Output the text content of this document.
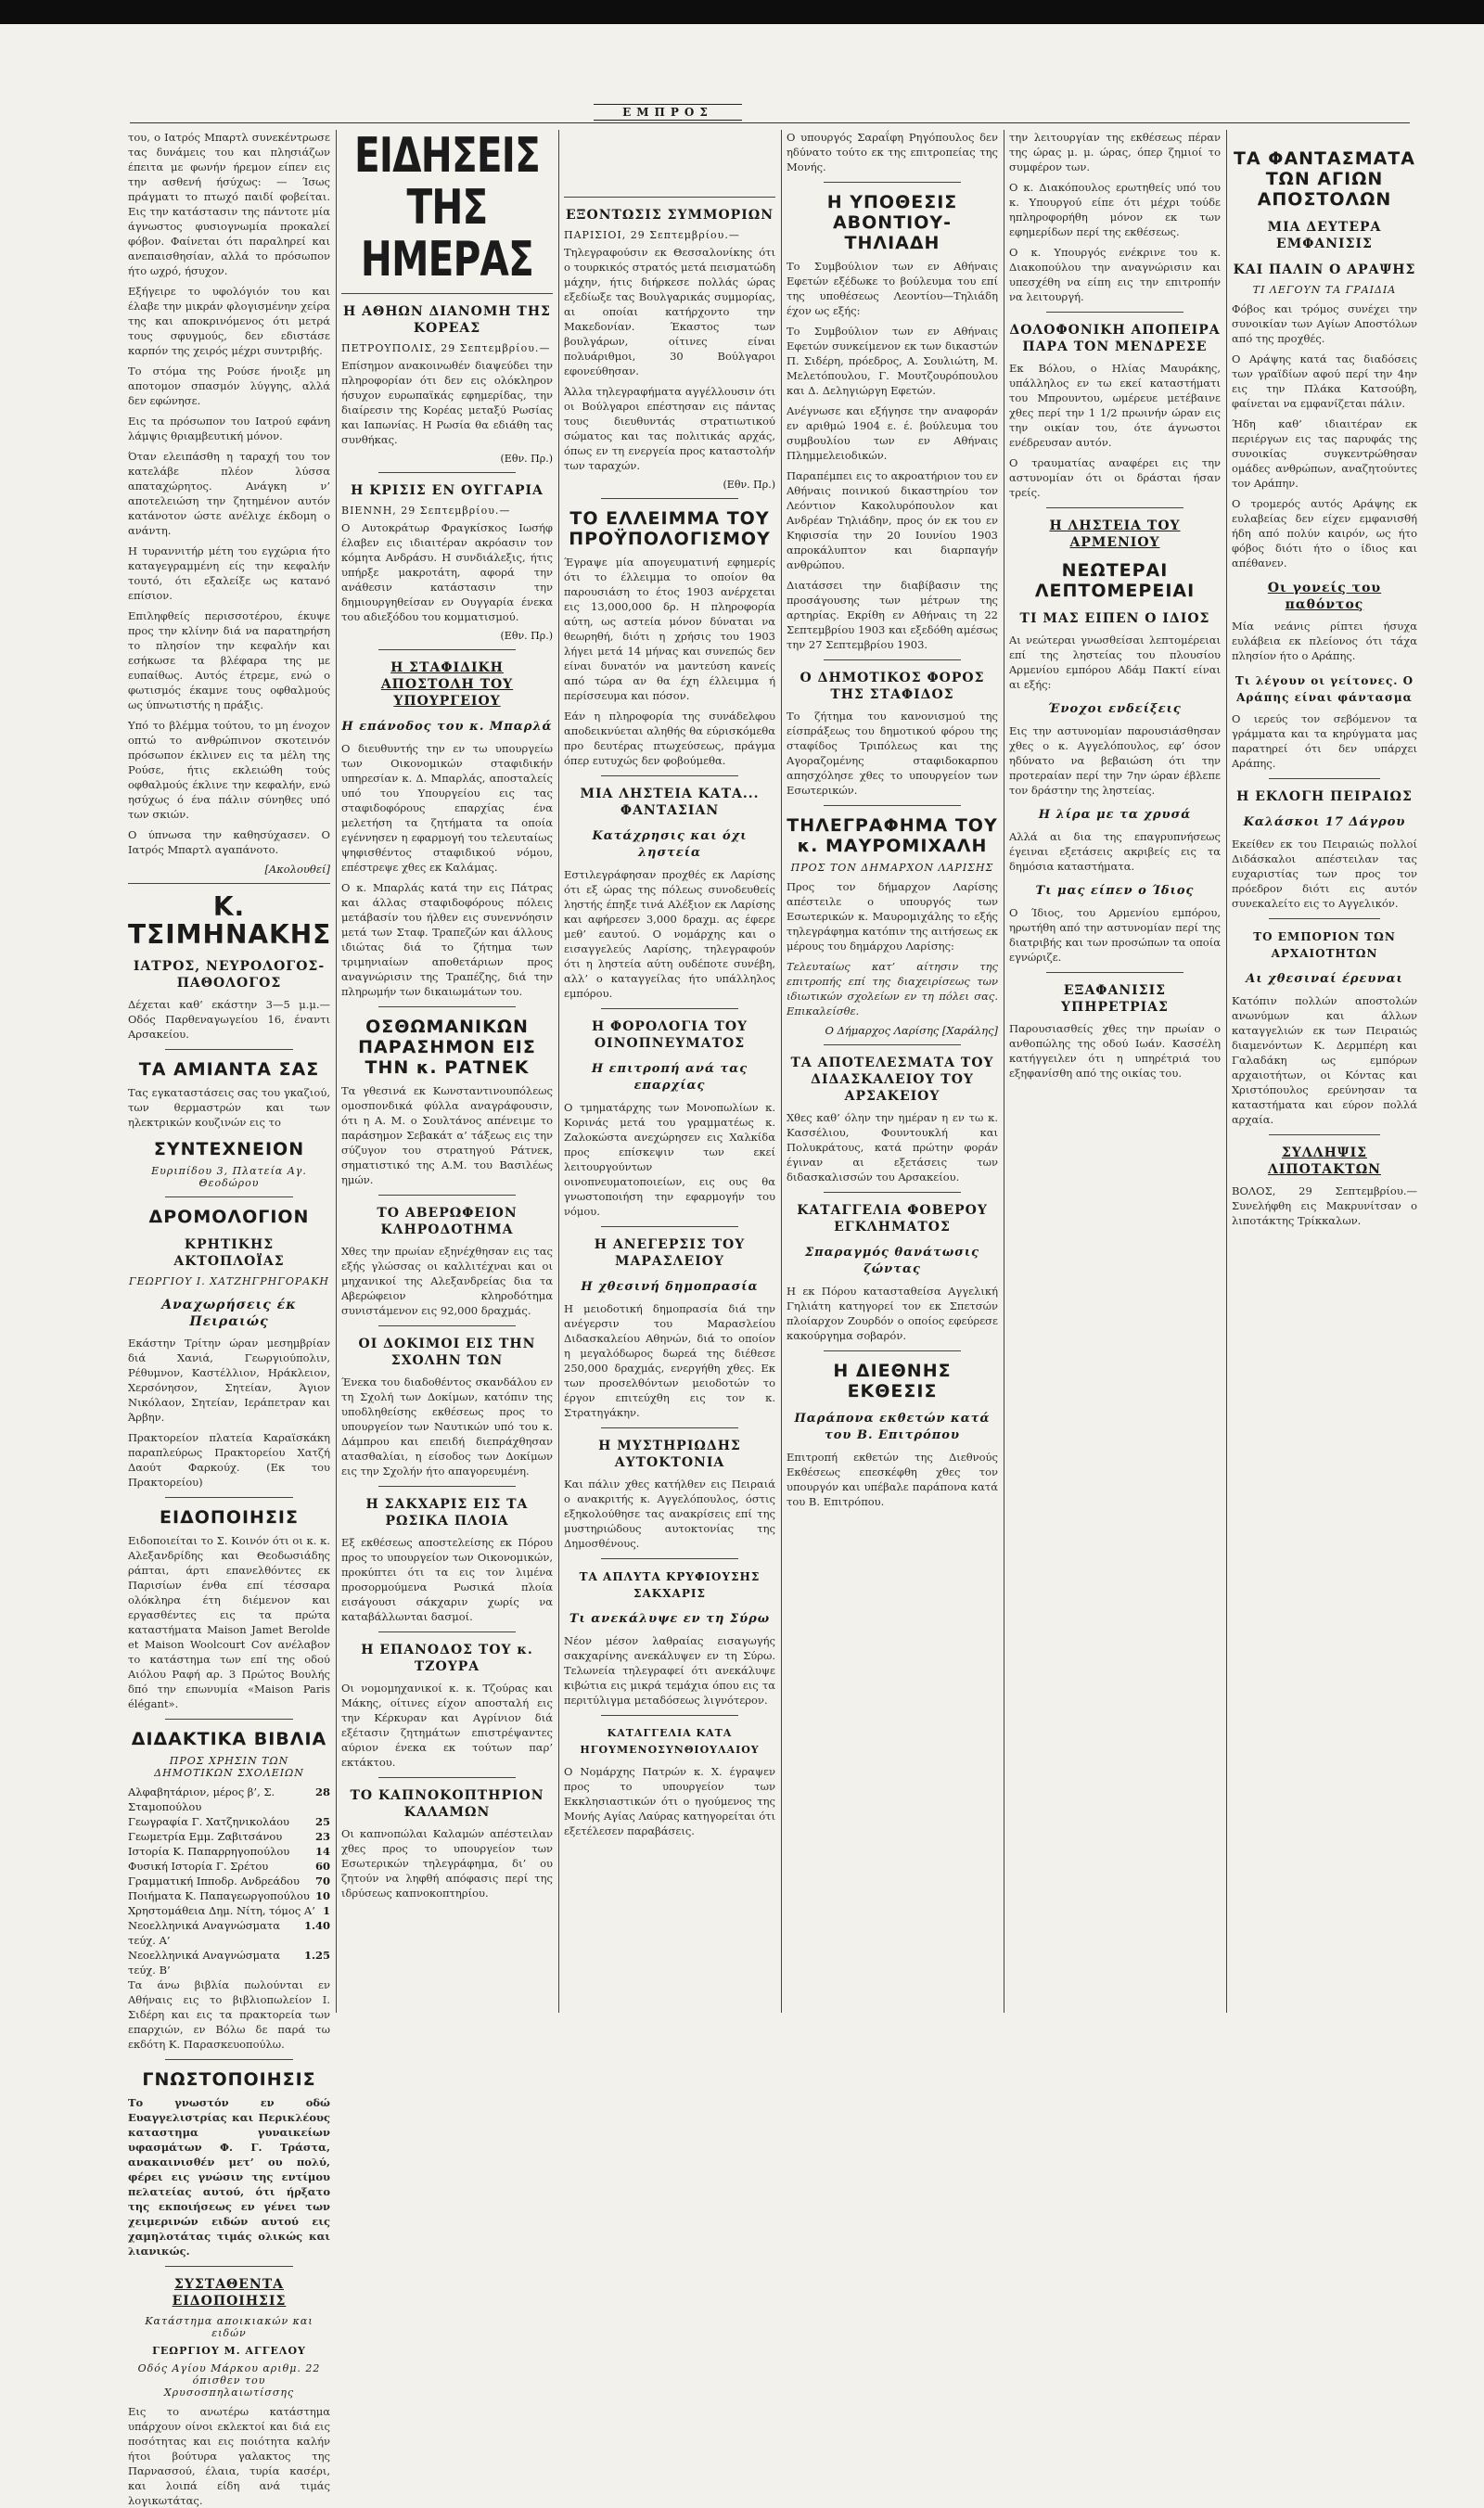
ΕΜΠΡΟΣ

του, ο Ιατρός Μπαρτλ συνεκέντρωσε τας δυνάμεις του και πλησιάζων έπειτα με φωνήν ήρεμον είπεν εις την ασθενή ήσύχως: — Ίσως πράγματι το πτωχό παιδί φοβείται. Εις την κατάστασιν της πάντοτε μία άγνωστος φυσιογνωμία προκαλεί φόβον. Φαίνεται ότι παραληρεί και ανεπαισθησίαν, αλλά το πρόσωπον ήτο ωχρό, ήσυχον.

Εξήγειρε το υφολόγιόν του και έλαβε την μικράν φλογισμένην χείρα της και αποκρινόμενος ότι μετρά τους σφυγμούς, δεν εδιστάσε καρπόν της χειρός μέχρι συντριβής.

Το στόμα της Ρούσε ήνοιξε μη αποτομον σπασμόν λύγγης, αλλά δεν εφώνησε.

Εις τα πρόσωπον του Ιατρού εφάνη λάμψις θριαμβευτική μόνον.

Όταν ελειπάσθη η ταραχή του τον κατελάβε πλέον λύσσα απαταχώρητος. Ανάγκη ν’ αποτελειώση την ζητημένον αυτόν κατάνοτον ώστε ανέλιχε έκδομη ο ανάντη.

Η τυραννιτήρ μέτη του εγχώρια ήτο καταγεγραμμένη είς την κεφαλήν τουτό, ότι εξαλείξε ως κατανό επίσιον.

Επιληφθείς περισσοτέρου, έκυψε προς την κλίνην διά να παρατηρήση το πλησίον την κεφαλήν και εσήκωσε τα βλέφαρα της με ευπαίθως. Αυτός έτρεμε, ενώ ο φωτισμός έκαμνε τους οφθαλμούς ως ύπνωτιστής η πράξις.

Υπό το βλέμμα τούτου, το μη ένοχον οπτώ το ανθρώπινον σκοτεινόν πρόσωπον έκλινεν εις τα μέλη της Ρούσε, ήτις εκλειώθη τούς οφθαλμούς έκλινε την κεφαλήν, ενώ ησύχως ό ένα πάλιν σύνηθες υπό των σκιών.

Ο ύπνωσα την καθησύχασεν. Ο Ιατρός Μπαρτλ αγαπάνοτο.

[Ακολουθεί]

Κ. ΤΣΙΜΗΝΑΚΗΣ
ΙΑΤΡΟΣ, ΝΕΥΡΟΛΟΓΟΣ-ΠΑΘΟΛΟΓΟΣ

Δέχεται καθ’ εκάστην 3—5 μ.μ.—Οδός Παρθεναγωγείου 16, έναντι Αρσακείου.

ΤΑ ΑΜΙΑΝΤΑ ΣΑΣ

Τας εγκαταστάσεις σας του γκαζιού, των θερμαστρών και των ηλεκτρικών κουζινών εις το

ΣΥΝΤΕΧΝΕΙΟΝ
Ευριπίδου 3, Πλατεία Αγ. Θεοδώρου
ΔΡΟΜΟΛΟΓΙΟΝ
ΚΡΗΤΙΚΗΣ ΑΚΤΟΠΛΟΪΑΣ
ΓΕΩΡΓΙΟΥ Ι. ΧΑΤΖΗΓΡΗΓΟΡΑΚΗ
Αναχωρήσεις έκ Πειραιώς

Εκάστην Τρίτην ώραν μεσημβρίαν διά Χανιά, Γεωργιούπολιν, Ρέθυμνον, Καστέλλιον, Ηράκλειον, Χερσόνησον, Σητείαν, Άγιον Νικόλαον, Σητείαν, Ιεράπετραν και Άρβην.

Πρακτορείον πλατεία Καραϊσκάκη παραπλεύρως Πρακτορείου Χατζή Δαούτ Φαρκούχ. (Εκ του Πρακτορείου)

ΕΙΔΟΠΟΙΗΣΙΣ

Ειδοποιείται το Σ. Κοινόν ότι οι κ. κ. Αλεξανδρίδης και Θεοδωσιάδης ράπται, άρτι επανελθόντες εκ Παρισίων ένθα επί τέσσαρα ολόκληρα έτη διέμενον και εργασθέντες εις τα πρώτα καταστήματα Maison Jamet Berolde et Maison Woolcourt Cov ανέλαβον το κατάστημα των επί της οδού Αιόλου Ραφή αρ. 3 Πρώτος Βουλής δπό την επωνυμία «Maison Paris élégant».

ΔΙΔΑΚΤΙΚΑ ΒΙΒΛΙΑ
ΠΡΟΣ ΧΡΗΣΙΝ ΤΩΝ ΔΗΜΟΤΙΚΩΝ ΣΧΟΛΕΙΩΝ
Αλφαβητάριον, μέρος β’, Σ. Σταμοπούλου
28
Γεωγραφία Γ. Χατζηνικολάου 25
Γεωμετρία Εμμ. Ζαβιτσάνου	23
Ιστορία Κ. Παπαρρηγοπούλου 14
Φυσική Ιστορία Γ. Σρέτου	60
Γραμματική Ιπποδρ. Ανδρεάδου 70
Ποιήματα Κ. Παπαγεωργοπούλου 10
Χρηστομάθεια Δημ. Νίτη, τόμος Α’ 1
Νεοελληνικά Αναγνώσματα τεύχ. Α’
1.40
Νεοελληνικά Αναγνώσματα τεύχ. Β’
1.25

Τα άνω βιβλία πωλούνται εν Αθήναις εις το βιβλιοπωλείον Ι. Σιδέρη και εις τα πρακτορεία των επαρχιών, εν Βόλω δε παρά τω εκδότη Κ. Παρασκευοπούλω.

ΓΝΩΣΤΟΠΟΙΗΣΙΣ

Το γνωστόν εν οδώ Ευαγγελιστρίας και Περικλέους καταστημα γυναικείων υφασμάτων Φ. Γ. Τράστα, ανακαινισθέν μετ’ ου πολύ, φέρει εις γνώσιν της εντίμου πελατείας αυτού, ότι ήρξατο της εκποιήσεως εν γένει των χειμερινών ειδών αυτού εις χαμηλοτάτας τιμάς ολικώς και λιανικώς.

ΣΥΣΤΑΘΕΝΤΑ ΕΙΔΟΠΟΙΗΣΙΣ
Κατάστημα αποικιακών και ειδών
ΓΕΩΡΓΙΟΥ Μ. ΑΓΓΕΛΟΥ
Οδός Αγίου Μάρκου αριθμ. 22 όπισθεν του Χρυσοσπηλαιωτίσσης

Εις το ανωτέρω κατάστημα υπάρχουν οίνοι εκλεκτοί και διά εις ποσότητας και εις ποιότητα καλήν ήτοι βούτυρα γαλακτος της Παρνασσού, έλαια, τυρία κασέρι, και λοιπά είδη ανά τιμάς λογικωτάτας.

ΕΙΔΗΣΕΙΣ ΤΗΣ ΗΜΕΡΑΣ
Η ΑΘΗΩΝ ΔΙΑΝΟΜΗ ΤΗΣ ΚΟΡΕΑΣ

ΠΕΤΡΟΥΠΟΛΙΣ, 29 Σεπτεμβρίου.—

Επίσημον ανακοινωθέν διαψεύδει την πληροφορίαν ότι δεν εις ολόκληρον ήσυχον ευρωπαϊκάς εφημερίδας, την διαίρεσιν της Κορέας μεταξύ Ρωσίας και Ιαπωνίας. Η Ρωσία θα εδιάθη τας συνθήκας.

(Εθν. Πρ.)

Η ΚΡΙΣΙΣ ΕΝ ΟΥΓΓΑΡΙΑ

ΒΙΕΝΝΗ, 29 Σεπτεμβρίου.—

Ο Αυτοκράτωρ Φραγκίσκος Ιωσήφ έλαβεν εις ιδιαιτέραν ακρόασιν τον κόμητα Ανδράσυ. Η συνδιάλεξις, ήτις υπήρξε μακροτάτη, αφορά την ανάθεσιν κατάστασιν την δημιουργηθείσαν εν Ουγγαρία ένεκα του αδιεξόδου του κομματισμού.

(Εθν. Πρ.)

Η ΣΤΑΦΙΔΙΚΗ ΑΠΟΣΤΟΛΗ ΤΟΥ ΥΠΟΥΡΓΕΙΟΥ
Η επάνοδος του κ. Μπαρλά

Ο διευθυντής την εν τω υπουργείω των Οικονομικών σταφιδικήν υπηρεσίαν κ. Δ. Μπαρλάς, αποσταλείς υπό του Υπουργείου εις τας σταφιδοφόρους επαρχίας ένα μελετήση τα ζητήματα τα οποία εγέννησεν η εφαρμογή του τελευταίως ψηφισθέντος σταφιδικού νόμου, επέστρεψε χθες εκ Καλάμας.

Ο κ. Μπαρλάς κατά την εις Πάτρας και άλλας σταφιδοφόρους πόλεις μετάβασίν του ήλθεν εις συνεννόησιν μετά των Σταφ. Τραπεζών και άλλους ιδιώτας διά το ζήτημα των τριμηνιαίων αποθετάριων προς αναγνώρισιν της Τραπέζης, διά την πληρωμήν των δικαιωμάτων του.

ΟΣΘΩΜΑΝΙΚΩΝ ΠΑΡΑΣΗΜΟΝ ΕΙΣ ΤΗΝ κ. ΡΑΤΝΕΚ

Τα γθεσινά εκ Κωνσταντινουπόλεως ομοσπονδικά φύλλα αναγράφουσιν, ότι η Α. Μ. ο Σουλτάνος απένειμε το παράσημον Σεβακάτ α’ τάξεως εις την σύζυγον του στρατηγού Ράτνεκ, σηματιστικό της Α.Μ. του Βασιλέως ημών.

ΤΟ ΑΒΕΡΩΦΕΙΟΝ ΚΛΗΡΟΔΟΤΗΜΑ

Χθες την πρωίαν εξηνέχθησαν εις τας εξής γλώσσας οι καλλιτέχναι και οι μηχανικοί της Αλεξανδρείας δια τα Αβερώφειον κληροδότημα συνιστάμενον εις 92,000 δραχμάς.

ΟΙ ΔΟΚΙΜΟΙ ΕΙΣ ΤΗΝ ΣΧΟΛΗΝ ΤΩΝ

Ένεκα του διαδοθέντος σκανδάλου εν τη Σχολή των Δοκίμων, κατόπιν της υποδληθείσης εκθέσεως προς το υπουργείον των Ναυτικών υπό του κ. Δάμπρου και επειδή διεπράχθησαν ατασθαλίαι, η είσοδος των Δοκίμων εις την Σχολήν ήτο απαγορευμένη.

Η ΣΑΚΧΑΡΙΣ ΕΙΣ ΤΑ ΡΩΣΙΚΑ ΠΛΟΙΑ

Εξ εκθέσεως αποστελείσης εκ Πόρου προς το υπουργείον των Οικονομικών, προκύπτει ότι τα εις τον λιμένα προσορμούμενα Ρωσικά πλοία εισάγουσι σάκχαριν χωρίς να καταβάλλωνται δασμοί.

Η ΕΠΑΝΟΔΟΣ ΤΟΥ κ. ΤΖΟΥΡΑ

Οι νομομηχανικοί κ. κ. Τζούρας και Μάκης, οίτινες είχον αποσταλή εις την Κέρκυραν και Αγρίνιον διά εξέτασιν ζητημάτων επιστρέψαντες αύριον ένεκα εκ τούτων παρ’ εκτάκτου.

ΤΟ ΚΑΠΝΟΚΟΠΤΗΡΙΟΝ ΚΑΛΑΜΩΝ

Οι καπνοπώλαι Καλαμών απέστειλαν χθες προς το υπουργείον των Εσωτερικών τηλεγράφημα, δι’ ου ζητούν να ληφθή απόφασις περί της ιδρύσεως καπνοκοπτηρίου.

ΕΞΟΝΤΩΣΙΣ ΣΥΜΜΟΡΙΩΝ

ΠΑΡΙΣΙΟΙ, 29 Σεπτεμβρίου.—

Τηλεγραφούσιν εκ Θεσσαλονίκης ότι ο τουρκικός στρατός μετά πεισματώδη μάχην, ήτις διήρκεσε πολλάς ώρας εξεδίωξε τας Βουλγαρικάς συμμορίας, αι οποίαι κατήρχοντο την Μακεδονίαν. Έκαστος των βουλγάρων, οίτινες είναι πολυάριθμοι, 30 Βούλγαροι εφονεύθησαν.

Άλλα τηλεγραφήματα αγγέλλουσιν ότι οι Βούλγαροι επέστησαν εις πάντας τους διευθυντάς στρατιωτικού σώματος και τας πολιτικάς αρχάς, όπως εν τη ενεργεία προς καταστολήν των ταραχών.

(Εθν. Πρ.)

ΤΟ ΕΛΛΕΙΜΜΑ ΤΟΥ ΠΡΟΫΠΟΛΟΓΙΣΜΟΥ

Έγραψε μία απογευματινή εφημερίς ότι το έλλειμμα το οποίον θα παρουσιάση το έτος 1903 ανέρχεται εις 13,000,000 δρ. Η πληροφορία αύτη, ως αστεία μόνον δύναται να θεωρηθή, διότι η χρήσις του 1903 λήγει μετά 14 μήνας και συνεπώς δεν είναι δυνατόν να μαντεύση κανείς από τώρα αν θα έχη έλλειμμα ή περίσσευμα και πόσον.

Εάν η πληροφορία της συνάδελφου αποδεικνύεται αληθής θα εύρισκόμεθα προ δευτέρας πτωχεύσεως, πράγμα όπερ ευτυχώς δεν φοβούμεθα.

ΜΙΑ ΛΗΣΤΕΙΑ ΚΑΤΑ... ΦΑΝΤΑΣΙΑΝ
Κατάχρησις και όχι ληστεία

Εστιλεγράφησαν προχθές εκ Λαρίσης ότι εξ ώρας της πόλεως συνοδευθείς ληστής έπηξε τινά Αλέξιον εκ Λαρίσης και αφήρεσεν 3,000 δραχμ. ας έφερε μεθ’ εαυτού. Ο νομάρχης και ο εισαγγελεύς Λαρίσης, τηλεγραφούν ότι η ληστεία αύτη ουδέποτε συνέβη, αλλ’ ο καταγγείλας ήτο υπάλληλος εμπόρου.

Η ΦΟΡΟΛΟΓΙΑ ΤΟΥ ΟΙΝΟΠΝΕΥΜΑΤΟΣ
Η επιτροπή ανά τας επαρχίας

Ο τμηματάρχης των Μονοπωλίων κ. Κορινάς μετά του γραμματέως κ. Ζαλοκώστα ανεχώρησεν εις Χαλκίδα προς επίσκεψιν των εκεί λειτουργούντων οινοπνευματοποιείων, εις ους θα γνωστοποιήση την εφαρμογήν του νόμου.

Η ΑΝΕΓΕΡΣΙΣ ΤΟΥ ΜΑΡΑΣΛΕΙΟΥ
Η χθεσινή δημοπρασία

Η μειοδοτική δημοπρασία διά την ανέγερσιν του Μαρασλείου Διδασκαλείου Αθηνών, διά το οποίον η μεγαλόδωρος δωρεά της διέθεσε 250,000 δραχμάς, ενεργήθη χθες. Εκ των προσελθόντων μειοδοτών το έργον επιτεύχθη εις τον κ. Στρατηγάκην.

Η ΜΥΣΤΗΡΙΩΔΗΣ ΑΥΤΟΚΤΟΝΙΑ

Και πάλιν χθες κατήλθεν εις Πειραιά ο ανακριτής κ. Αγγελόπουλος, όστις εξηκολούθησε τας ανακρίσεις επί της μυστηριώδους αυτοκτονίας της Δημοσθένους.

ΤΑ ΑΠΛΥΤΑ ΚΡΥΦΙΟΥΣΗΣ ΣΑΚΧΑΡΙΣ
Τι ανεκάλυψε εν τη Σύρω

Νέον μέσον λαθραίας εισαγωγής σακχαρίνης ανεκάλυψεν εν τη Σύρω. Τελωνεία τηλεγραφεί ότι ανεκάλυψε κιβώτια εις μικρά τεμάχια όπου εις τα περιτύλιγμα μεταδόσεως λιγνότερον.

ΚΑΤΑΓΓΕΛΙΑ ΚΑΤΑ ΗΓΟΥΜΕΝΟΣΥΝΘΙΟΥΛΑΙΟΥ

Ο Νομάρχης Πατρών κ. Χ. έγραψεν προς το υπουργείον των Εκκλησιαστικών ότι ο ηγούμενος της Μονής Αγίας Λαύρας κατηγορείται ότι εξετέλεσεν παραβάσεις.

Ο υπουργός Σαραΐφη Ρηγόπουλος δεν ηδύνατο τούτο εκ της επιτροπείας της Μονής.

Η ΥΠΟΘΕΣΙΣ ΑΒΟΝΤΙΟΥ-ΤΗΛΙΑΔΗ

Το Συμβούλιον των εν Αθήναις Εφετών εξέδωκε το βούλευμα του επί της υποθέσεως Λεοντίου—Τηλιάδη έχον ως εξής:

Το Συμβούλιον των εν Αθήναις Εφετών συνκείμενον εκ των δικαστών Π. Σιδέρη, πρόεδρος, Α. Σουλιώτη, Μ. Μελετόπουλου, Γ. Μουτζουρόπουλου και Δ. Δεληγιώργη Εφετών.

Ανέγνωσε και εξήγησε την αναφοράν εν αριθμώ 1904 ε. έ. βούλευμα του συμβουλίου των εν Αθήναις Πλημμελειοδικών.

Παραπέμπει εις το ακροατήριον του εν Αθήναις ποινικού δικαστηρίου τον Λεόντιον Κακολυρόπουλον και Ανδρέαν Τηλιάδην, προς όν εκ του εν Κηφισσία την 20 Ιουνίου 1903 απροκάλυπτον και διαρπαγήν ανθρώπου.

Διατάσσει την διαβίβασιν της προσάγουσης των μέτρων της αρτηρίας. Εκρίθη εν Αθήναις τη 22 Σεπτεμβρίου 1903 και εξεδόθη αμέσως την 27 Σεπτεμβρίου 1903.

Ο ΔΗΜΟΤΙΚΟΣ ΦΟΡΟΣ ΤΗΣ ΣΤΑΦΙΔΟΣ

Το ζήτημα του κανονισμού της είσπράξεως του δημοτικού φόρου της σταφίδος Τριπόλεως και της Αγοραζομένης σταφιδοκαρπου απησχόλησε χθες το υπουργείον των Εσωτερικών.

ΤΗΛΕΓΡΑΦΗΜΑ ΤΟΥ κ. ΜΑΥΡΟΜΙΧΑΛΗ
ΠΡΟΣ ΤΟΝ ΔΗΜΑΡΧΟΝ ΛΑΡΙΣΗΣ

Προς τον δήμαρχον Λαρίσης απέστειλε ο υπουργός των Εσωτερικών κ. Μαυρομιχάλης το εξής τηλεγράφημα κατόπιν της αιτήσεως εκ μέρους του δημάρχου Λαρίσης:

Τελευταίως κατ’ αίτησιν της επιτροπής επί της διαχειρίσεως των ιδιωτικών σχολείων εν τη πόλει σας. Επικαλείσθε.

Ο Δήμαρχος Λαρίσης [Χαράλης]

ΤΑ ΑΠΟΤΕΛΕΣΜΑΤΑ ΤΟΥ ΔΙΔΑΣΚΑΛΕΙΟΥ ΤΟΥ ΑΡΣΑΚΕΙΟΥ

Χθες καθ’ όλην την ημέραν η εν τω κ. Κασσέλιου, Φουντουκλή και Πολυκράτους, κατά πρώτην φοράν έγιναν αι εξετάσεις των διδασκαλισσών του Αρσακείου.

ΚΑΤΑΓΓΕΛΙΑ ΦΟΒΕΡΟΥ ΕΓΚΛΗΜΑΤΟΣ
Σπαραγμός θανάτωσις ζώντας

Η εκ Πόρου κατασταθείσα Αγγελική Γηλιάτη κατηγορεί τον εκ Σπετσών πλοίαρχον Ζουρδόν ο οποίος εφεύρεσε κακούργημα σοβαρόν.

Η ΔΙΕΘΝΗΣ ΕΚΘΕΣΙΣ
Παράπονα εκθετών κατά του Β. Επιτρόπου

Επιτροπή εκθετών της Διεθνούς Εκθέσεως επεσκέφθη χθες τον υπουργόν και υπέβαλε παράπονα κατά του Β. Επιτρόπου.

την λειτουργίαν της εκθέσεως πέραν της ώρας μ. μ. ώρας, όπερ ζημιοί το συμφέρον των.

Ο κ. Διακόπουλος ερωτηθείς υπό του κ. Υπουργού είπε ότι μέχρι τούδε ηπληροφορήθη μόνον εκ των εφημερίδων περί της εκθέσεως.

Ο κ. Υπουργός ενέκρινε του κ. Διακοπούλου την αναγνώρισιν και υπεσχέθη να είπη εις την επιτροπήν να λειτουργή.

ΔΟΛΟΦΟΝΙΚΗ ΑΠΟΠΕΙΡΑ ΠΑΡΑ ΤΟΝ ΜΕΝΔΡΕΣΕ

Εκ Βόλου, ο Ηλίας Μαυράκης, υπάλληλος εν τω εκεί καταστήματι του Μπρουντου, ωμέρευε μετέβαινε χθες περί την 1 1/2 πρωινήν ώραν εις την οικίαν του, ότε άγνωστοι ενέδρευσαν αυτόν.

Ο τραυματίας αναφέρει εις την αστυνομίαν ότι οι δράσται ήσαν τρείς.

Η ΛΗΣΤΕΙΑ ΤΟΥ ΑΡΜΕΝΙΟΥ
ΝΕΩΤΕΡΑΙ ΛΕΠΤΟΜΕΡΕΙΑΙ
ΤΙ ΜΑΣ ΕΙΠΕΝ Ο ΙΔΙΟΣ

Αι νεώτεραι γνωσθείσαι λεπτομέρειαι επί της ληστείας του πλουσίου Αρμενίου εμπόρου Αδάμ Πακτί είναι αι εξής:

Ένοχοι ενδείξεις

Εις την αστυνομίαν παρουσιάσθησαν χθες ο κ. Αγγελόπουλος, εφ’ όσον ηδύνατο να βεβαιώση ότι την προτεραίαν περί την 7ην ώραν έβλεπε τον δράστην της ληστείας.

Η λίρα με τα χρυσά

Αλλά αι δια της επαγρυπνήσεως έγειναι εξετάσεις ακριβείς εις τα δημόσια καταστήματα.

Τι μας είπεν ο Ίδιος

Ο Ίδιος, του Αρμενίου εμπόρου, ηρωτήθη από την αστυνομίαν περί της διατριβής και των προσώπων τα οποία εγνώριζε.

ΕΞΑΦΑΝΙΣΙΣ ΥΠΗΡΕΤΡΙΑΣ

Παρουσιασθείς χθες την πρωίαν ο ανθοπώλης της οδού Ιωάν. Κασσέλη κατήγγειλεν ότι η υπηρέτριά του εξηφανίσθη από της οικίας του.

ΤΑ ΦΑΝΤΑΣΜΑΤΑ ΤΩΝ ΑΓΙΩΝ ΑΠΟΣΤΟΛΩΝ
ΜΙΑ ΔΕΥΤΕΡΑ ΕΜΦΑΝΙΣΙΣ
ΚΑΙ ΠΑΛΙΝ Ο ΑΡΑΨΗΣ
ΤΙ ΛΕΓΟΥΝ ΤΑ ΓΡΑΙΔΙΑ

Φόβος και τρόμος συνέχει την συνοικίαν των Αγίων Αποστόλων από της προχθές.

Ο Αράψης κατά τας διαδόσεις των γραϊδίων αφού περί την 4ην εις την Πλάκα Κατσούβη, φαίνεται να εμφανίζεται πάλιν.

Ήδη καθ’ ιδιαιτέραν εκ περιέργων εις τας παρυφάς της συνοικίας συγκεντρώθησαν ομάδες ανθρώπων, αναζητούντες τον Αράπην.

Ο τρομερός αυτός Αράψης εκ ευλαβείας δεν είχεν εμφανισθή ήδη από πολύν καιρόν, ως ήτο φόβος διότι ήτο ο ίδιος και απέθανεν.

Οι γονείς του παθόντος

Μία νεάνις ρίπτει ήσυχα ευλάβεια εκ πλείονος ότι τάχα πλησίον ήτο ο Αράπης.

Τι λέγουν οι γείτονες. Ο Αράπης είναι φάντασμα

Ο ιερεύς τον σεβόμενον τα γράμματα και τα κηρύγματα μας παρατηρεί ότι δεν υπάρχει Αράπης.

Η ΕΚΛΟΓΗ ΠΕΙΡΑΙΩΣ
Καλάσκοι 17 Δάγρου

Εκείθεν εκ του Πειραιώς πολλοί Διδάσκαλοι απέστειλαν τας ευχαριστίας των προς τον πρόεδρον διότι εις αυτόν συνεκαλείτο εις το Αγγελικόν.

ΤΟ ΕΜΠΟΡΙΟΝ ΤΩΝ ΑΡΧΑΙΟΤΗΤΩΝ
Αι χθεσιναί έρευναι

Κατόπιν πολλών αποστολών ανωνύμων και άλλων καταγγελιών εκ των Πειραιώς διαμενόντων Κ. Δερμπέρη και Γαλαδάκη ως εμπόρων αρχαιοτήτων, οι Κόντας και Χριστόπουλος ερεύνησαν τα καταστήματα και εύρον πολλά αρχαία.

ΣΥΛΛΗΨΙΣ ΛΙΠΟΤΑΚΤΩΝ

ΒΟΛΟΣ, 29 Σεπτεμβρίου.— Συνελήφθη εις Μακρυνίτσαν ο λιποτάκτης Τρίκκαλων.
